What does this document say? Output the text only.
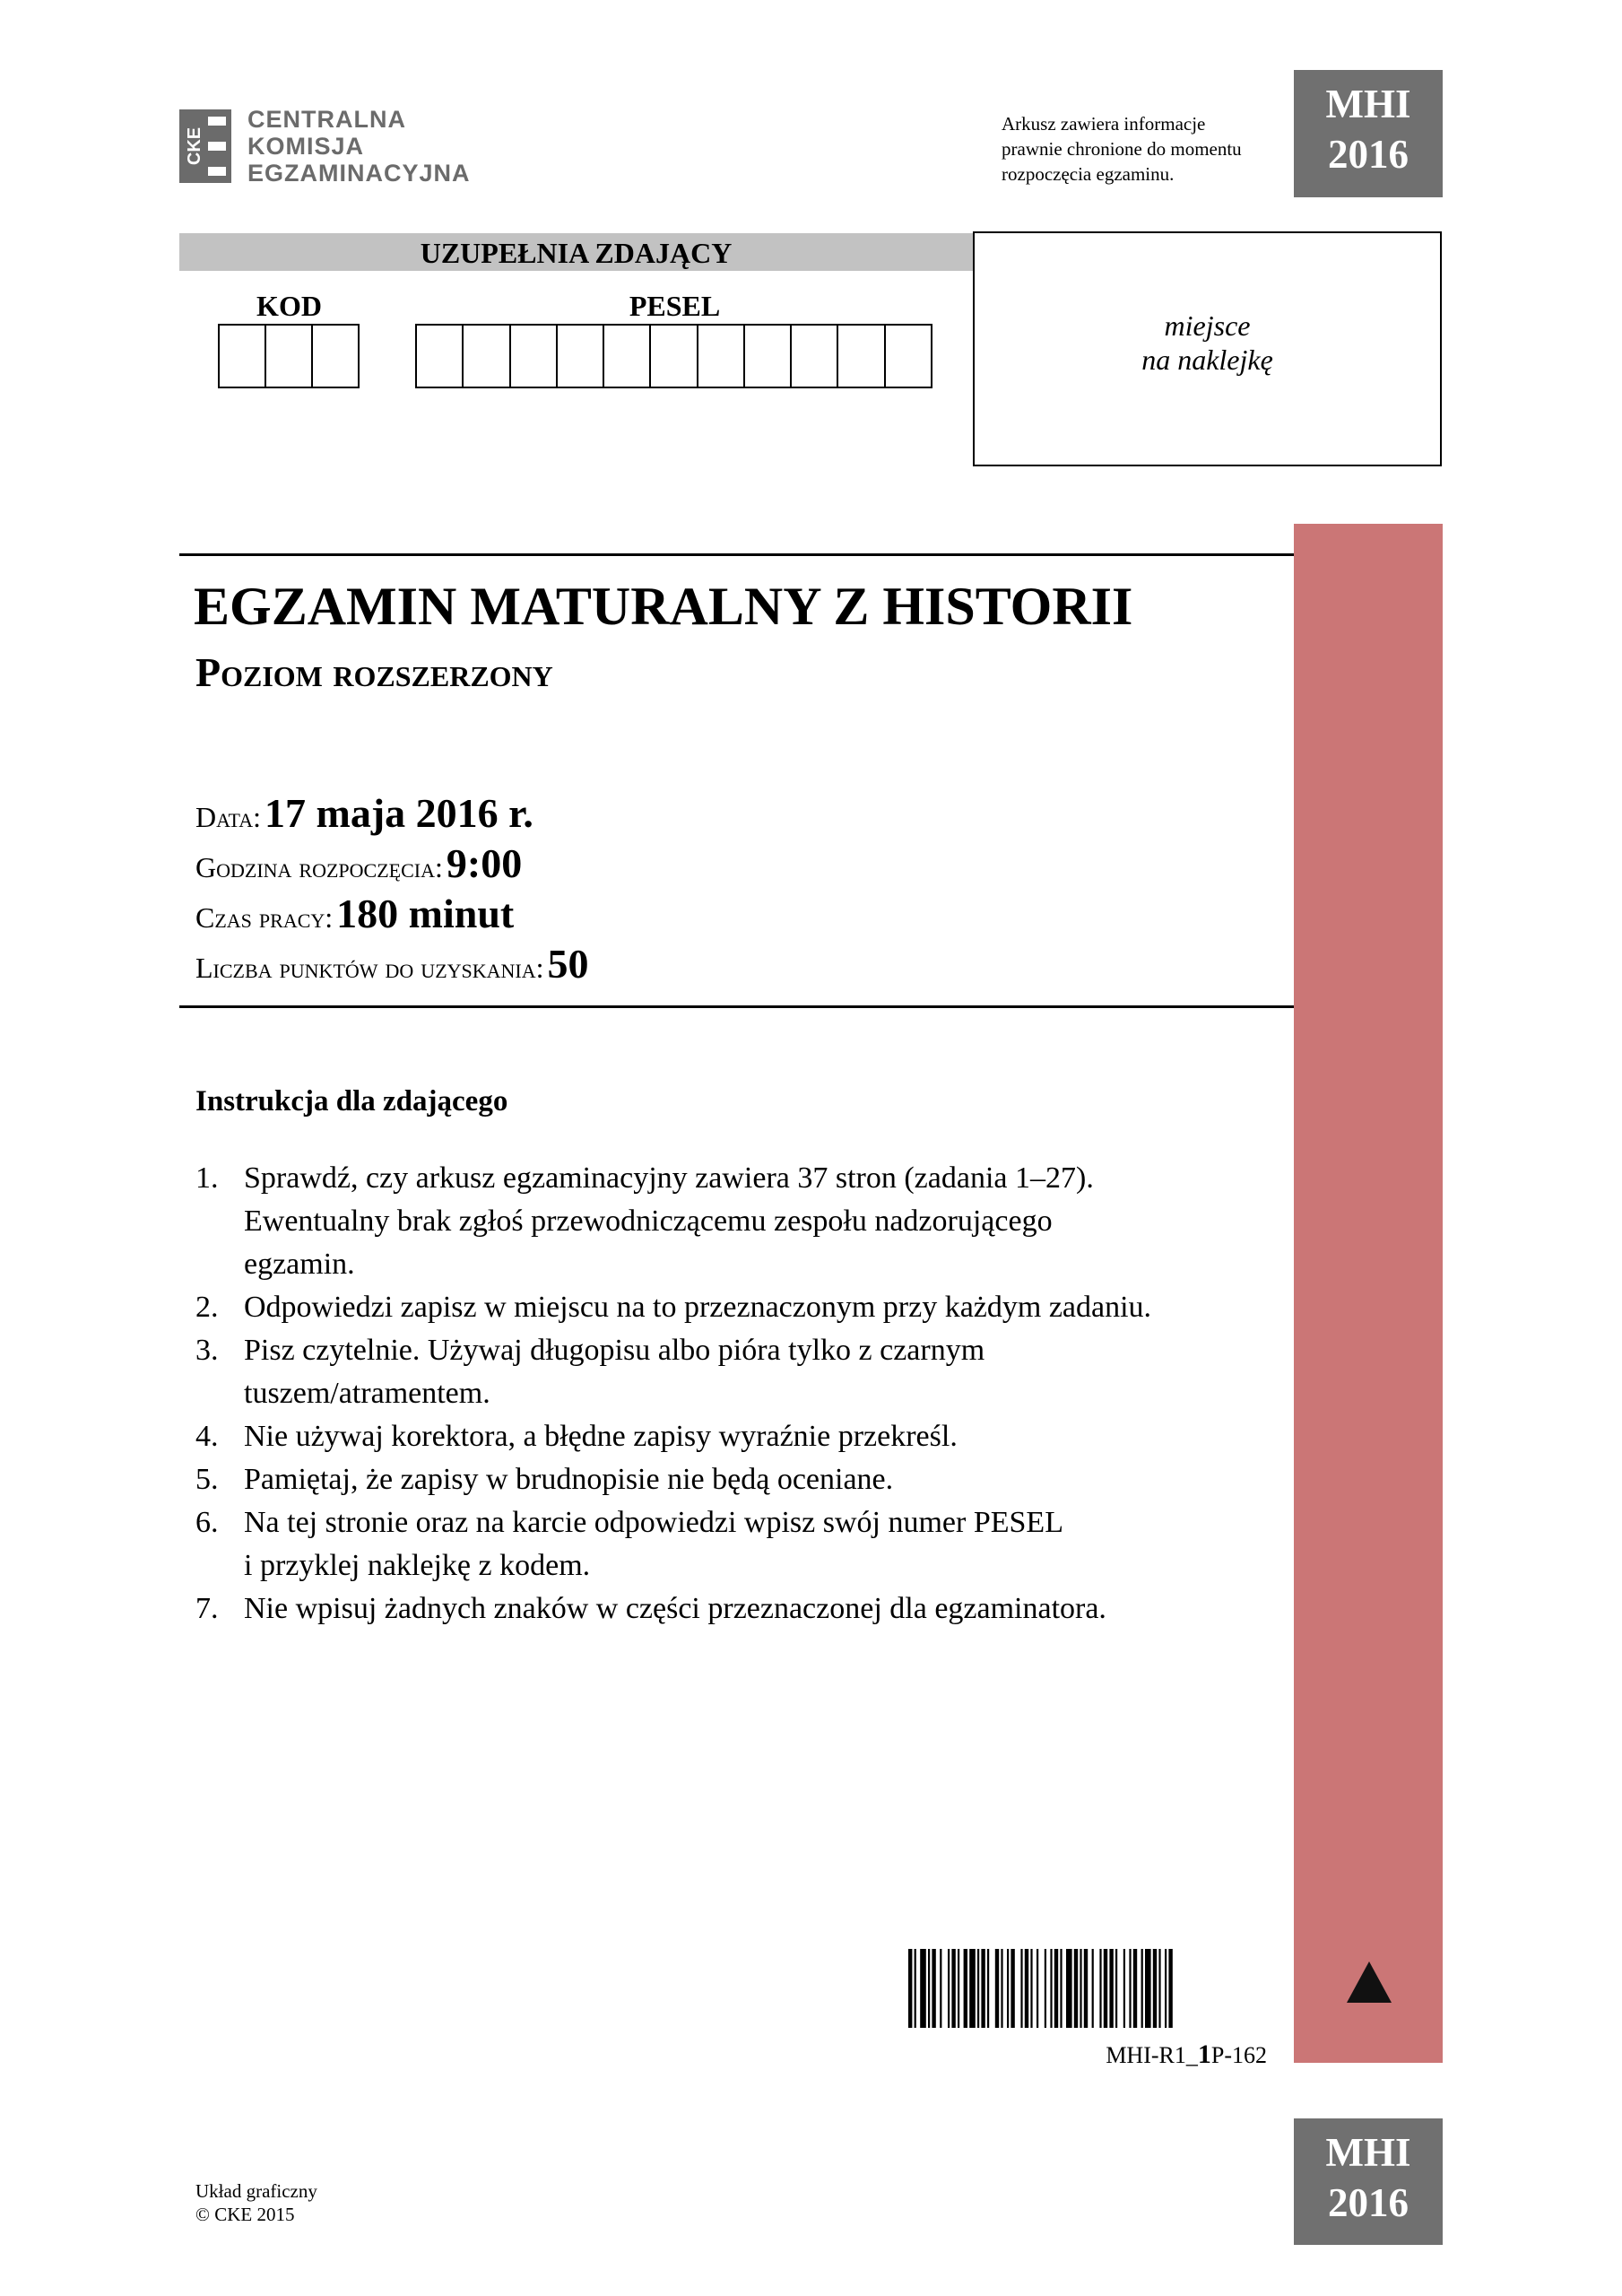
CKE
CENTRALNA
KOMISJA
EGZAMINACYJNA
Arkusz zawiera informacje
prawnie chronione do momentu
rozpoczęcia egzaminu.
MHI
2016
UZUPEŁNIA ZDAJĄCY
KOD	PESEL
miejsce
na naklejkę
EGZAMIN MATURALNY Z HISTORII
Poziom rozszerzony
Data: 17 maja 2016 r.
Godzina rozpoczęcia: 9:00
Czas pracy: 180 minut
Liczba punktów do uzyskania: 50
Instrukcja dla zdającego
1. Sprawdź, czy arkusz egzaminacyjny zawiera 37 stron (zadania 1–27).
Ewentualny brak zgłoś przewodniczącemu zespołu nadzorującego
egzamin.
2. Odpowiedzi zapisz w miejscu na to przeznaczonym przy każdym zadaniu.
3. Pisz czytelnie. Używaj długopisu albo pióra tylko z czarnym
tuszem/atramentem.
4. Nie używaj korektora, a błędne zapisy wyraźnie przekreśl.
5. Pamiętaj, że zapisy w brudnopisie nie będą oceniane.
6. Na tej stronie oraz na karcie odpowiedzi wpisz swój numer PESEL
i przyklej naklejkę z kodem.
7. Nie wpisuj żadnych znaków w części przeznaczonej dla egzaminatora.
MHI-R1_1P-162
Układ graficzny
© CKE 2015
MHI
2016
